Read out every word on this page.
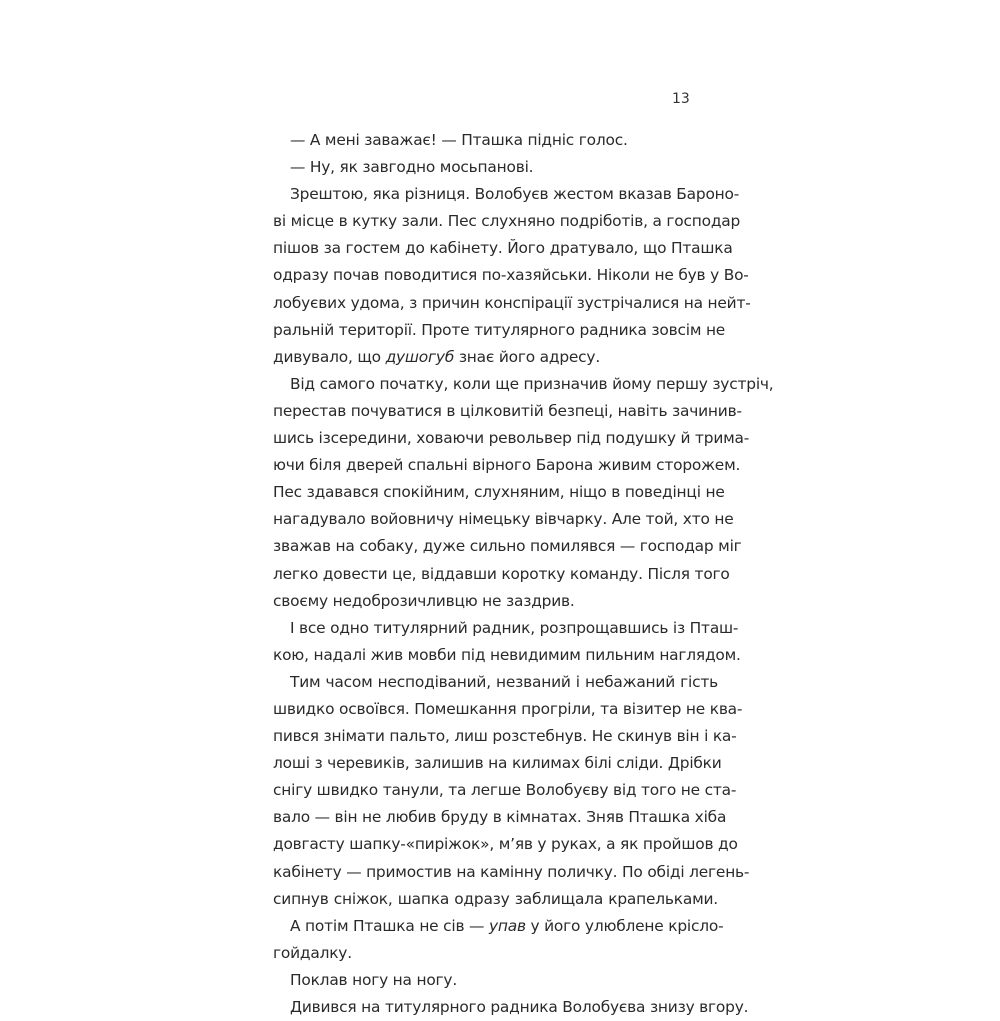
13
— А мені заважає! — Пташка підніс голос.
— Ну, як завгодно мосьпанові.
Зрештою, яка різниця. Волобуєв жестом вказав Бароно-
ві місце в кутку зали. Пес слухняно подріботів, а господар
пішов за гостем до кабінету. Його дратувало, що Пташка
одразу почав поводитися по-хазяйськи. Ніколи не був у Во-
лобуєвих удома, з причин конспірації зустрічалися на нейт-
ральній території. Проте титулярного радника зовсім не
дивувало, що душогуб знає його адресу.
Від самого початку, коли ще призначив йому першу зустріч,
перестав почуватися в цілковитій безпеці, навіть зачинив-
шись ізсередини, ховаючи револьвер під подушку й трима-
ючи біля дверей спальні вірного Барона живим сторожем.
Пес здавався спокійним, слухняним, ніщо в поведінці не
нагадувало войовничу німецьку вівчарку. Але той, хто не
зважав на собаку, дуже сильно помилявся — господар міг
легко довести це, віддавши коротку команду. Після того
своєму недоброзичливцю не заздрив.
І все одно титулярний радник, розпрощавшись із Пташ-
кою, надалі жив мовби під невидимим пильним наглядом.
Тим часом несподіваний, незваний і небажаний гість
швидко освоївся. Помешкання прогріли, та візитер не ква-
пився знімати пальто, лиш розстебнув. Не скинув він і ка-
лоші з черевиків, залишив на килимах білі сліди. Дрібки
снігу швидко танули, та легше Волобуєву від того не ста-
вало — він не любив бруду в кімнатах. Зняв Пташка хіба
довгасту шапку-«пиріжок», м’яв у руках, а як пройшов до
кабінету — примостив на камінну поличку. По обіді легень-
сипнув сніжок, шапка одразу заблищала крапельками.
А потім Пташка не сів — упав у його улюблене крісло-
гойдалку.
Поклав ногу на ногу.
Дивився на титулярного радника Волобуєва знизу вгору.
